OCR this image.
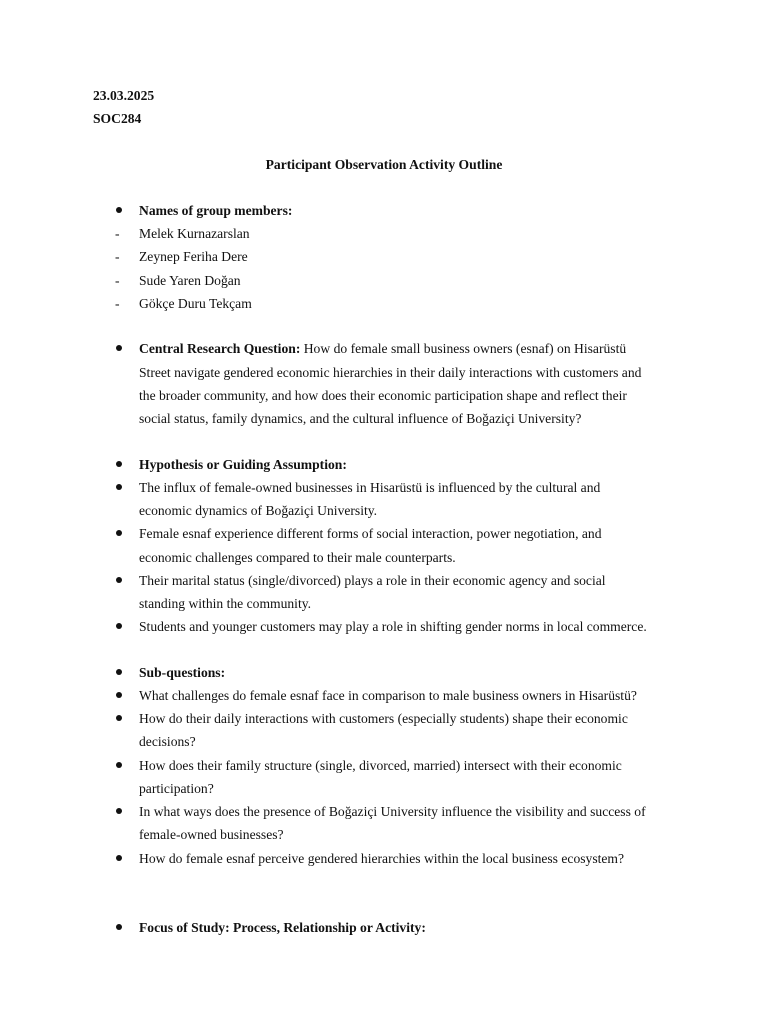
23.03.2025
SOC284
Participant Observation Activity Outline
Names of group members:
- Melek Kurnazarslan
- Zeynep Feriha Dere
- Sude Yaren Doğan
- Gökçe Duru Tekçam
Central Research Question: How do female small business owners (esnaf) on Hisarüstü
Street navigate gendered economic hierarchies in their daily interactions with customers and
the broader community, and how does their economic participation shape and reflect their
social status, family dynamics, and the cultural influence of Boğaziçi University?
Hypothesis or Guiding Assumption:
The influx of female-owned businesses in Hisarüstü is influenced by the cultural and
economic dynamics of Boğaziçi University.
Female esnaf experience different forms of social interaction, power negotiation, and
economic challenges compared to their male counterparts.
Their marital status (single/divorced) plays a role in their economic agency and social
standing within the community.
Students and younger customers may play a role in shifting gender norms in local commerce.
Sub-questions:
What challenges do female esnaf face in comparison to male business owners in Hisarüstü?
How do their daily interactions with customers (especially students) shape their economic
decisions?
How does their family structure (single, divorced, married) intersect with their economic
participation?
In what ways does the presence of Boğaziçi University influence the visibility and success of
female-owned businesses?
How do female esnaf perceive gendered hierarchies within the local business ecosystem?
Focus of Study: Process, Relationship or Activity:
